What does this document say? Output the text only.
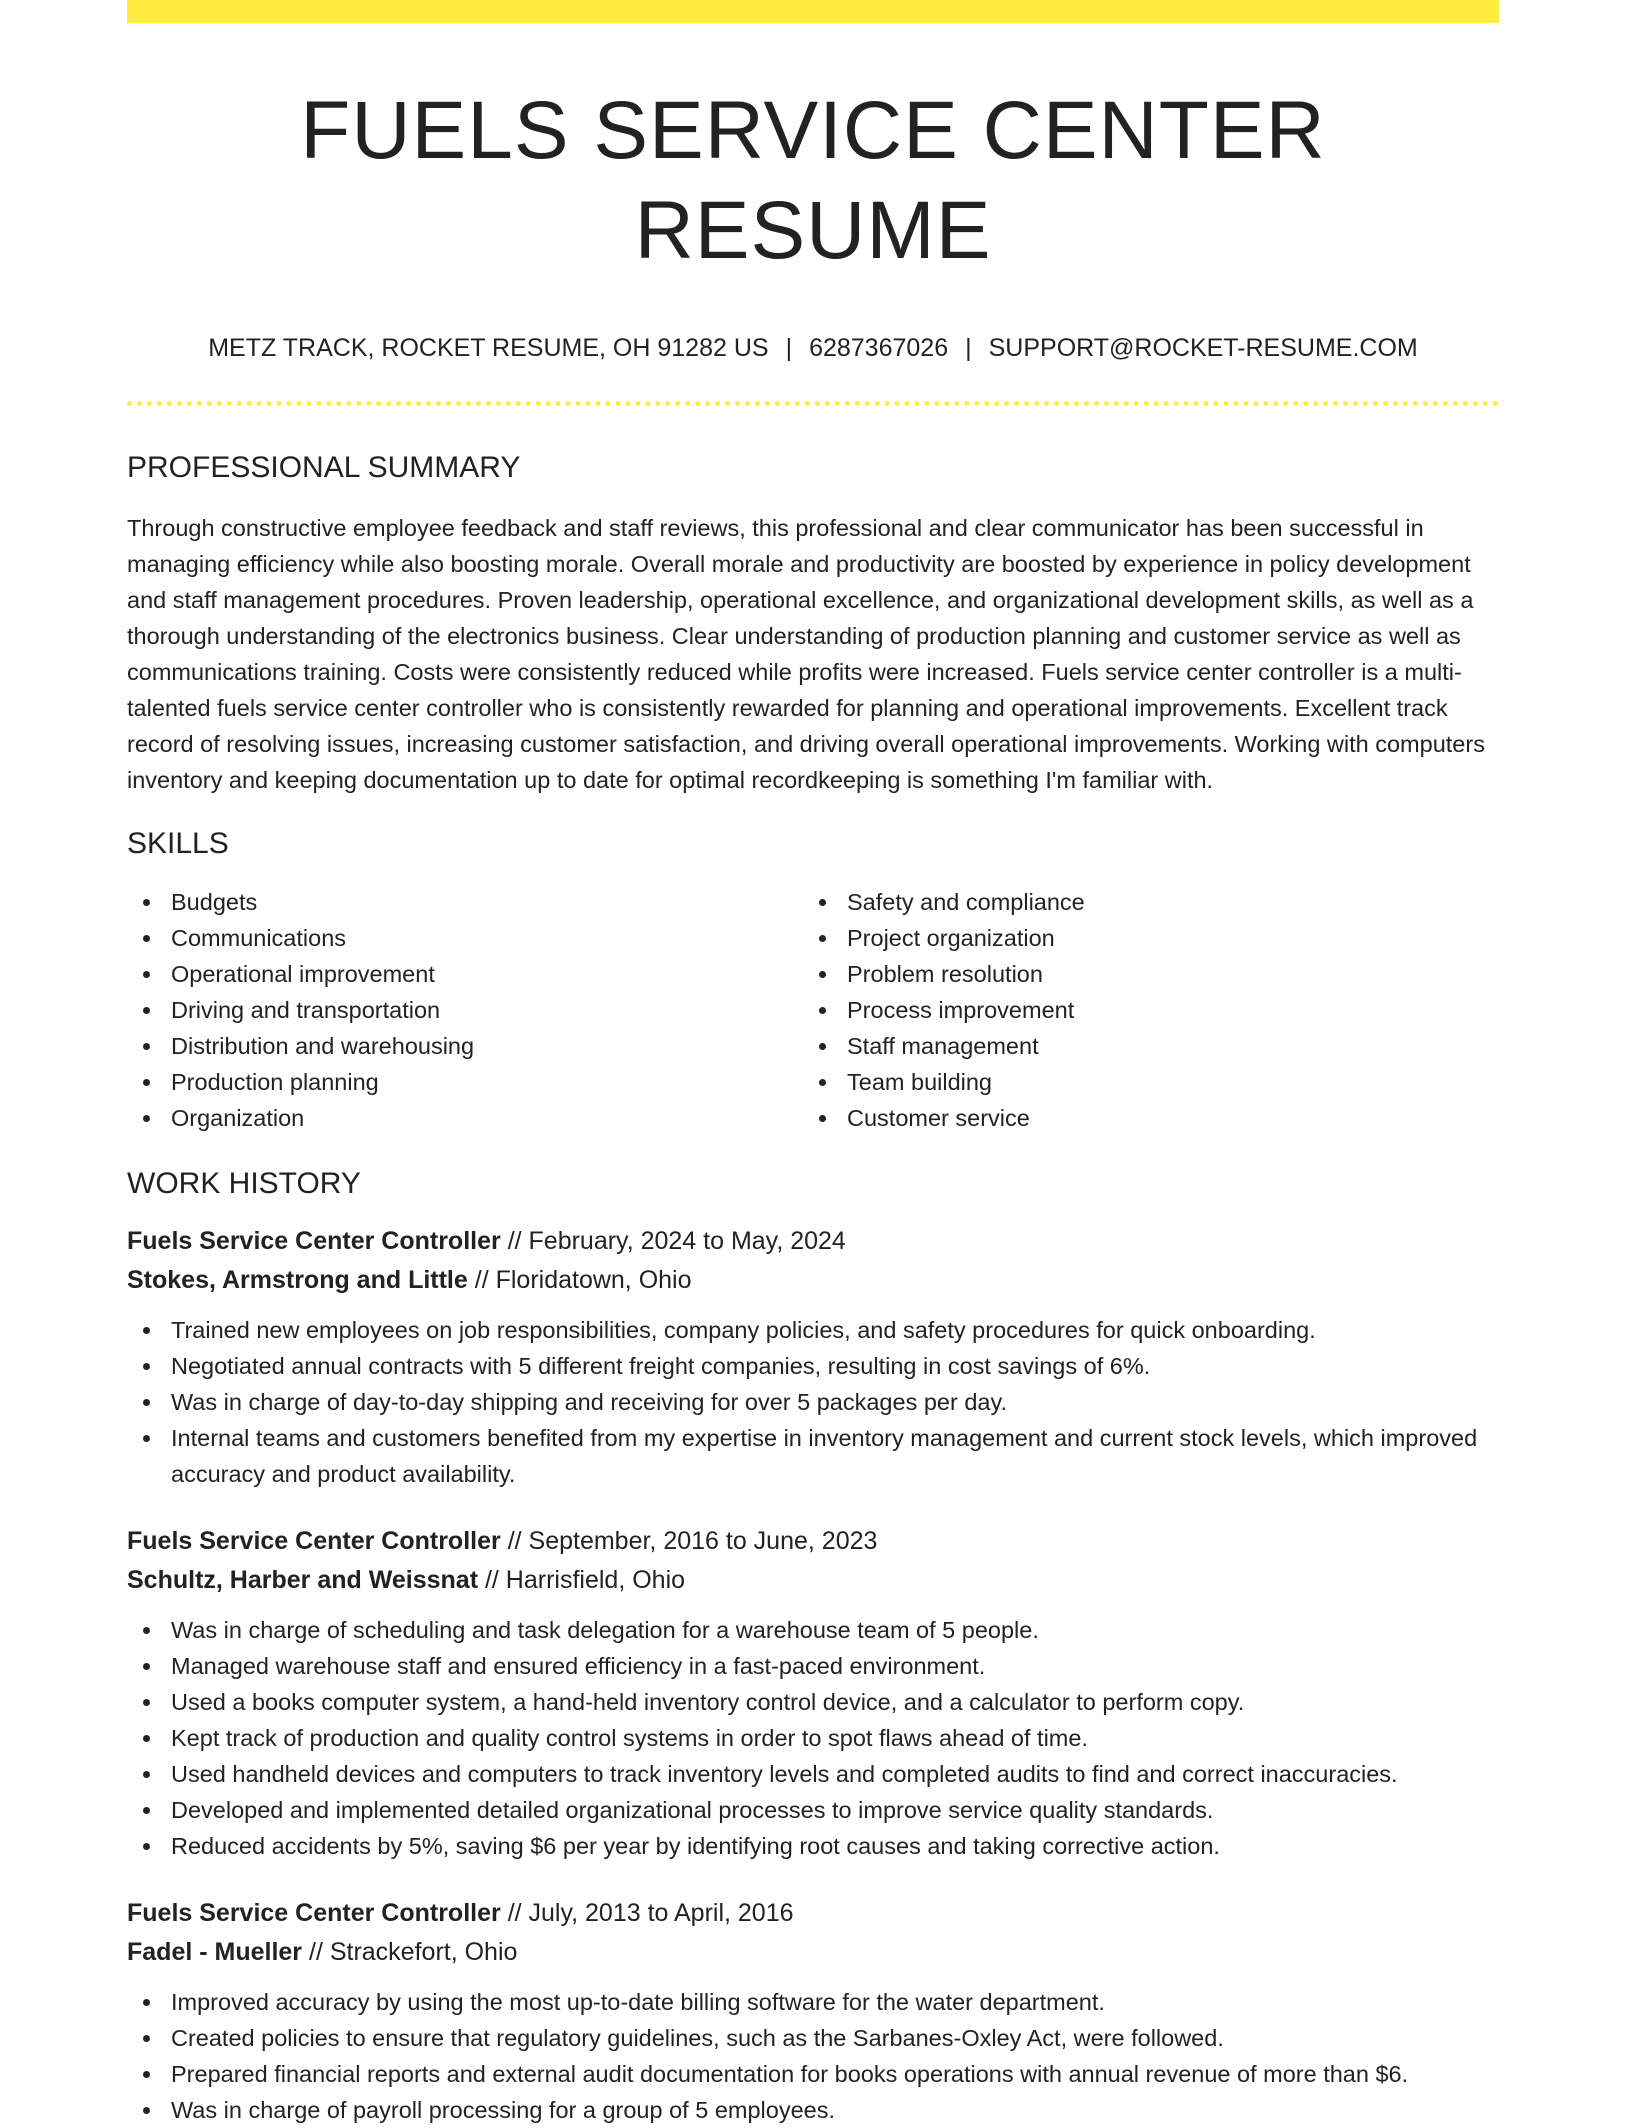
FUELS SERVICE CENTER RESUME
METZ TRACK, ROCKET RESUME, OH 91282 US | 6287367026 | SUPPORT@ROCKET-RESUME.COM
PROFESSIONAL SUMMARY

Through constructive employee feedback and staff reviews, this professional and clear communicator has been successful in managing efficiency while also boosting morale. Overall morale and productivity are boosted by experience in policy development and staff management procedures. Proven leadership, operational excellence, and organizational development skills, as well as a thorough understanding of the electronics business. Clear understanding of production planning and customer service as well as communications training. Costs were consistently reduced while profits were increased. Fuels service center controller is a multi-talented fuels service center controller who is consistently rewarded for planning and operational improvements. Excellent track record of resolving issues, increasing customer satisfaction, and driving overall operational improvements. Working with computers inventory and keeping documentation up to date for optimal recordkeeping is something I'm familiar with.

SKILLS
Budgets
Communications
Operational improvement
Driving and transportation
Distribution and warehousing
Production planning
Organization
Safety and compliance
Project organization
Problem resolution
Process improvement
Staff management
Team building
Customer service
WORK HISTORY
Fuels Service Center Controller // February, 2024 to May, 2024
Stokes, Armstrong and Little // Floridatown, Ohio
Trained new employees on job responsibilities, company policies, and safety procedures for quick onboarding.
Negotiated annual contracts with 5 different freight companies, resulting in cost savings of 6%.
Was in charge of day-to-day shipping and receiving for over 5 packages per day.
Internal teams and customers benefited from my expertise in inventory management and current stock levels, which improved accuracy and product availability.
Fuels Service Center Controller // September, 2016 to June, 2023
Schultz, Harber and Weissnat // Harrisfield, Ohio
Was in charge of scheduling and task delegation for a warehouse team of 5 people.
Managed warehouse staff and ensured efficiency in a fast-paced environment.
Used a books computer system, a hand-held inventory control device, and a calculator to perform copy.
Kept track of production and quality control systems in order to spot flaws ahead of time.
Used handheld devices and computers to track inventory levels and completed audits to find and correct inaccuracies.
Developed and implemented detailed organizational processes to improve service quality standards.
Reduced accidents by 5%, saving $6 per year by identifying root causes and taking corrective action.
Fuels Service Center Controller // July, 2013 to April, 2016
Fadel - Mueller // Strackefort, Ohio
Improved accuracy by using the most up-to-date billing software for the water department.
Created policies to ensure that regulatory guidelines, such as the Sarbanes-Oxley Act, were followed.
Prepared financial reports and external audit documentation for books operations with annual revenue of more than $6.
Was in charge of payroll processing for a group of 5 employees.
